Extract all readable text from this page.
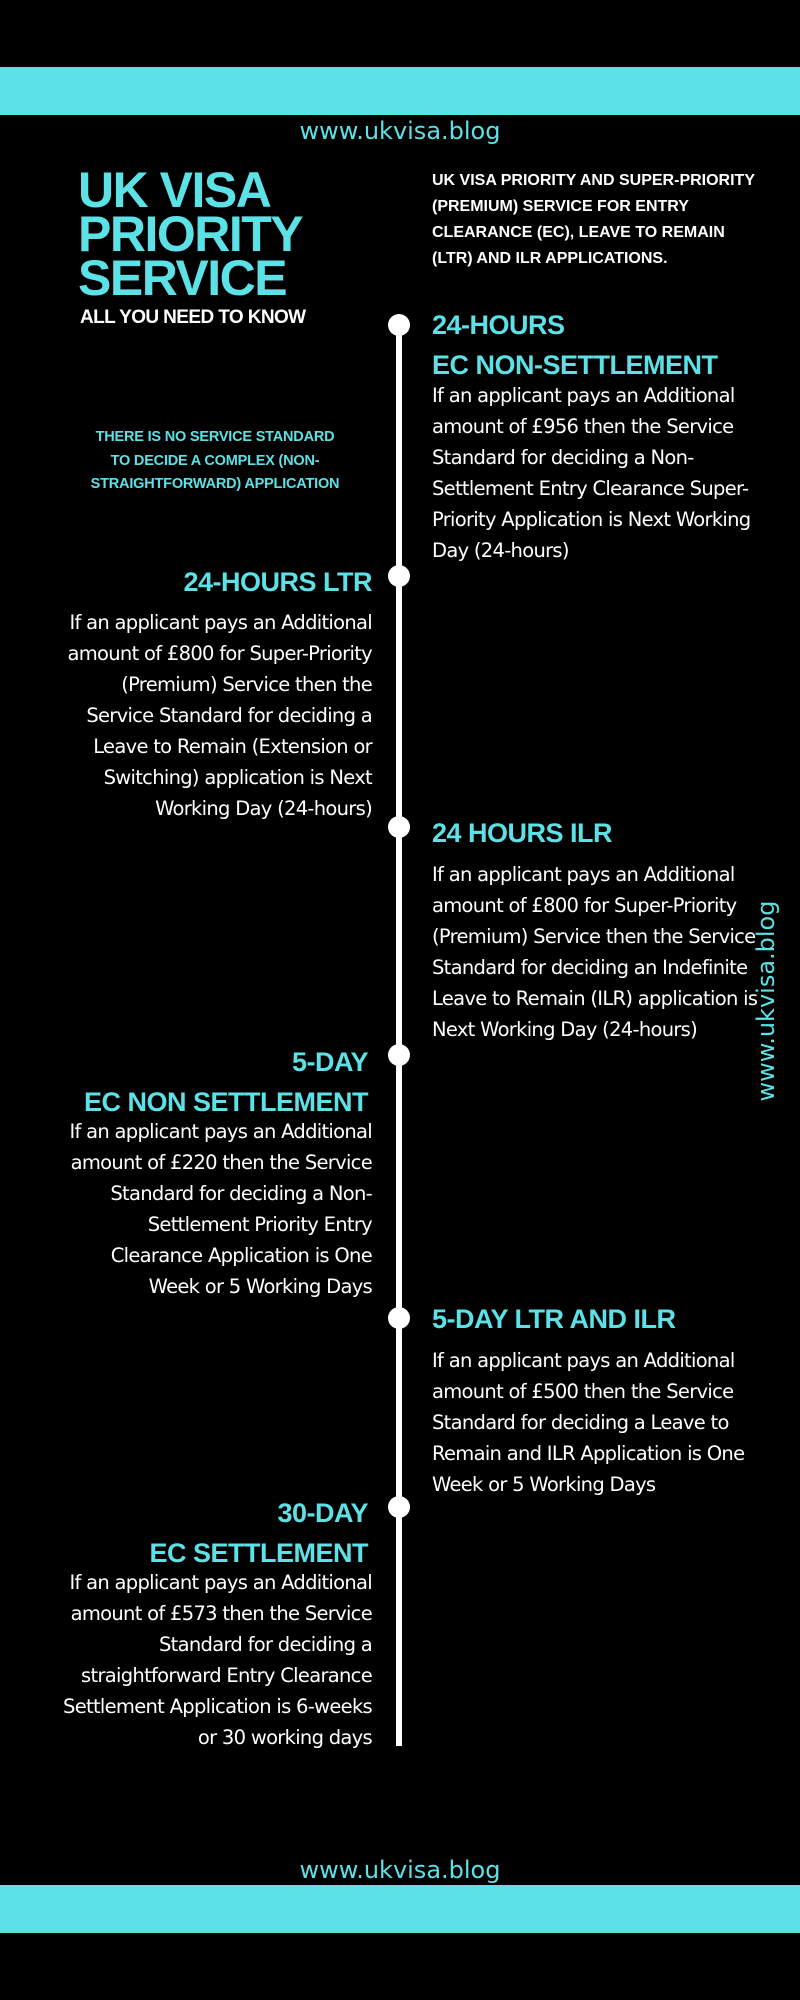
www.ukvisa.blog
UK VISA PRIORITY SERVICE
ALL YOU NEED TO KNOW
UK VISA PRIORITY AND SUPER-PRIORITY (PREMIUM) SERVICE FOR ENTRY CLEARANCE (EC), LEAVE TO REMAIN (LTR) AND ILR APPLICATIONS.
THERE IS NO SERVICE STANDARD TO DECIDE A COMPLEX (NON-STRAIGHTFORWARD) APPLICATION
24-HOURS
EC NON-SETTLEMENT
If an applicant pays an Additional amount of £956 then the Service Standard for deciding a Non-Settlement Entry Clearance Super-Priority Application is Next Working Day (24-hours)
24-HOURS LTR
If an applicant pays an Additional amount of £800 for Super-Priority (Premium) Service then the Service Standard for deciding a Leave to Remain (Extension or Switching) application is Next Working Day (24-hours)
24 HOURS ILR
If an applicant pays an Additional amount of £800 for Super-Priority (Premium) Service then the Service Standard for deciding an Indefinite Leave to Remain (ILR) application is Next Working Day (24-hours)
5-DAY
EC NON SETTLEMENT
If an applicant pays an Additional amount of £220 then the Service Standard for deciding a Non-Settlement Priority Entry Clearance Application is One Week or 5 Working Days
5-DAY LTR AND ILR
If an applicant pays an Additional amount of £500 then the Service Standard for deciding a Leave to Remain and ILR Application is One Week or 5 Working Days
30-DAY
EC SETTLEMENT
If an applicant pays an Additional amount of £573 then the Service Standard for deciding a straightforward Entry Clearance Settlement Application is 6-weeks or 30 working days
www.ukvisa.blog
www.ukvisa.blog
